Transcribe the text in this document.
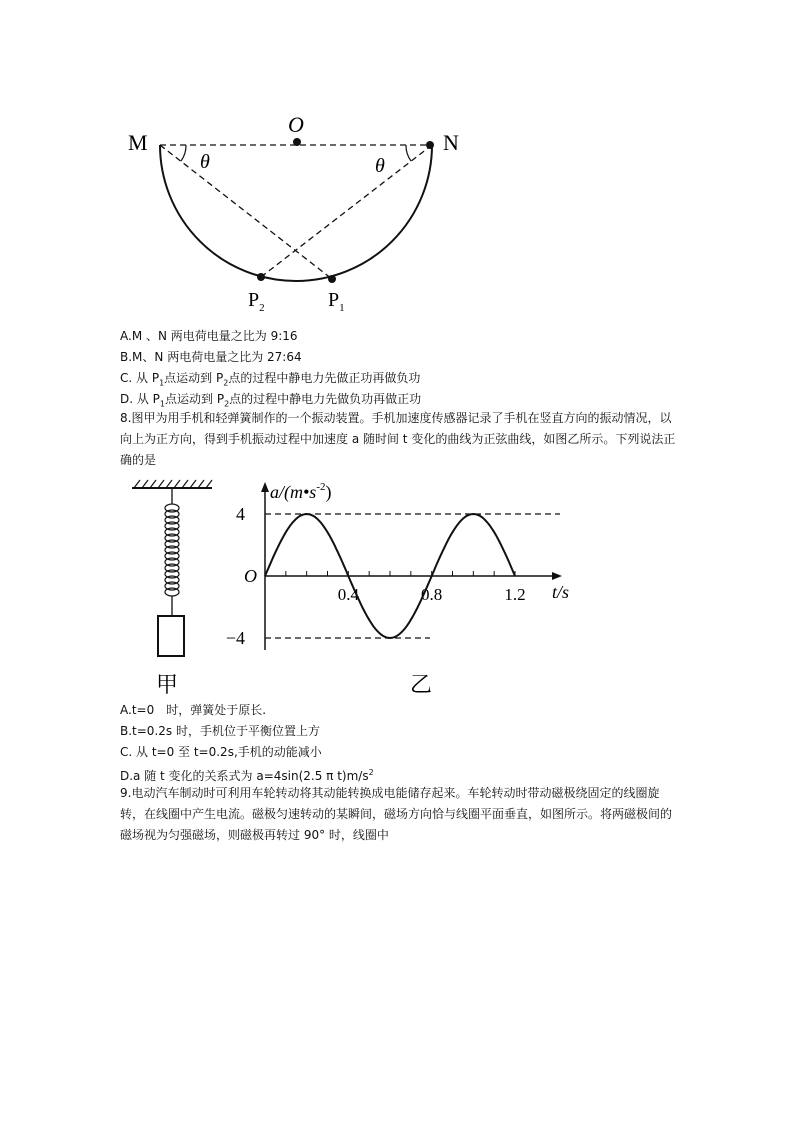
M	N
O
θ	θ
$P_2$	$P_1$
A.M 、N 两电荷电量之比为 9:16
B.M、N 两电荷电量之比为 27:64
C. 从 $P_1$点运动到 $P_2$点的过程中静电力先做正功再做负功
D. 从 $P_1$点运动到 $P_2$点的过程中静电力先做负功再做正功
8.图甲为用手机和轻弹簧制作的一个振动装置。手机加速度传感器记录了手机在竖直方向的振动情况，以向上为正方向，得到手机振动过程中加速度 a 随时间 t 变化的曲线为正弦曲线，如图乙所示。下列说法正确的是
甲
4
−4
0.4	0.8	1.2
O
t/s
$a/(m•s^{-2})$
乙
A.t=0　时，弹簧处于原长.
B.t=0.2s 时，手机位于平衡位置上方
C. 从 t=0 至 t=0.2s,手机的动能减小
D.a 随 t 变化的关系式为 a=4sin(2.5 π $t)m/s^2$
9.电动汽车制动时可利用车轮转动将其动能转换成电能储存起来。车轮转动时带动磁极绕固定的线圈旋转，在线圈中产生电流。磁极匀速转动的某瞬间，磁场方向恰与线圈平面垂直，如图所示。将两磁极间的磁场视为匀强磁场，则磁极再转过 90° 时，线圈中
